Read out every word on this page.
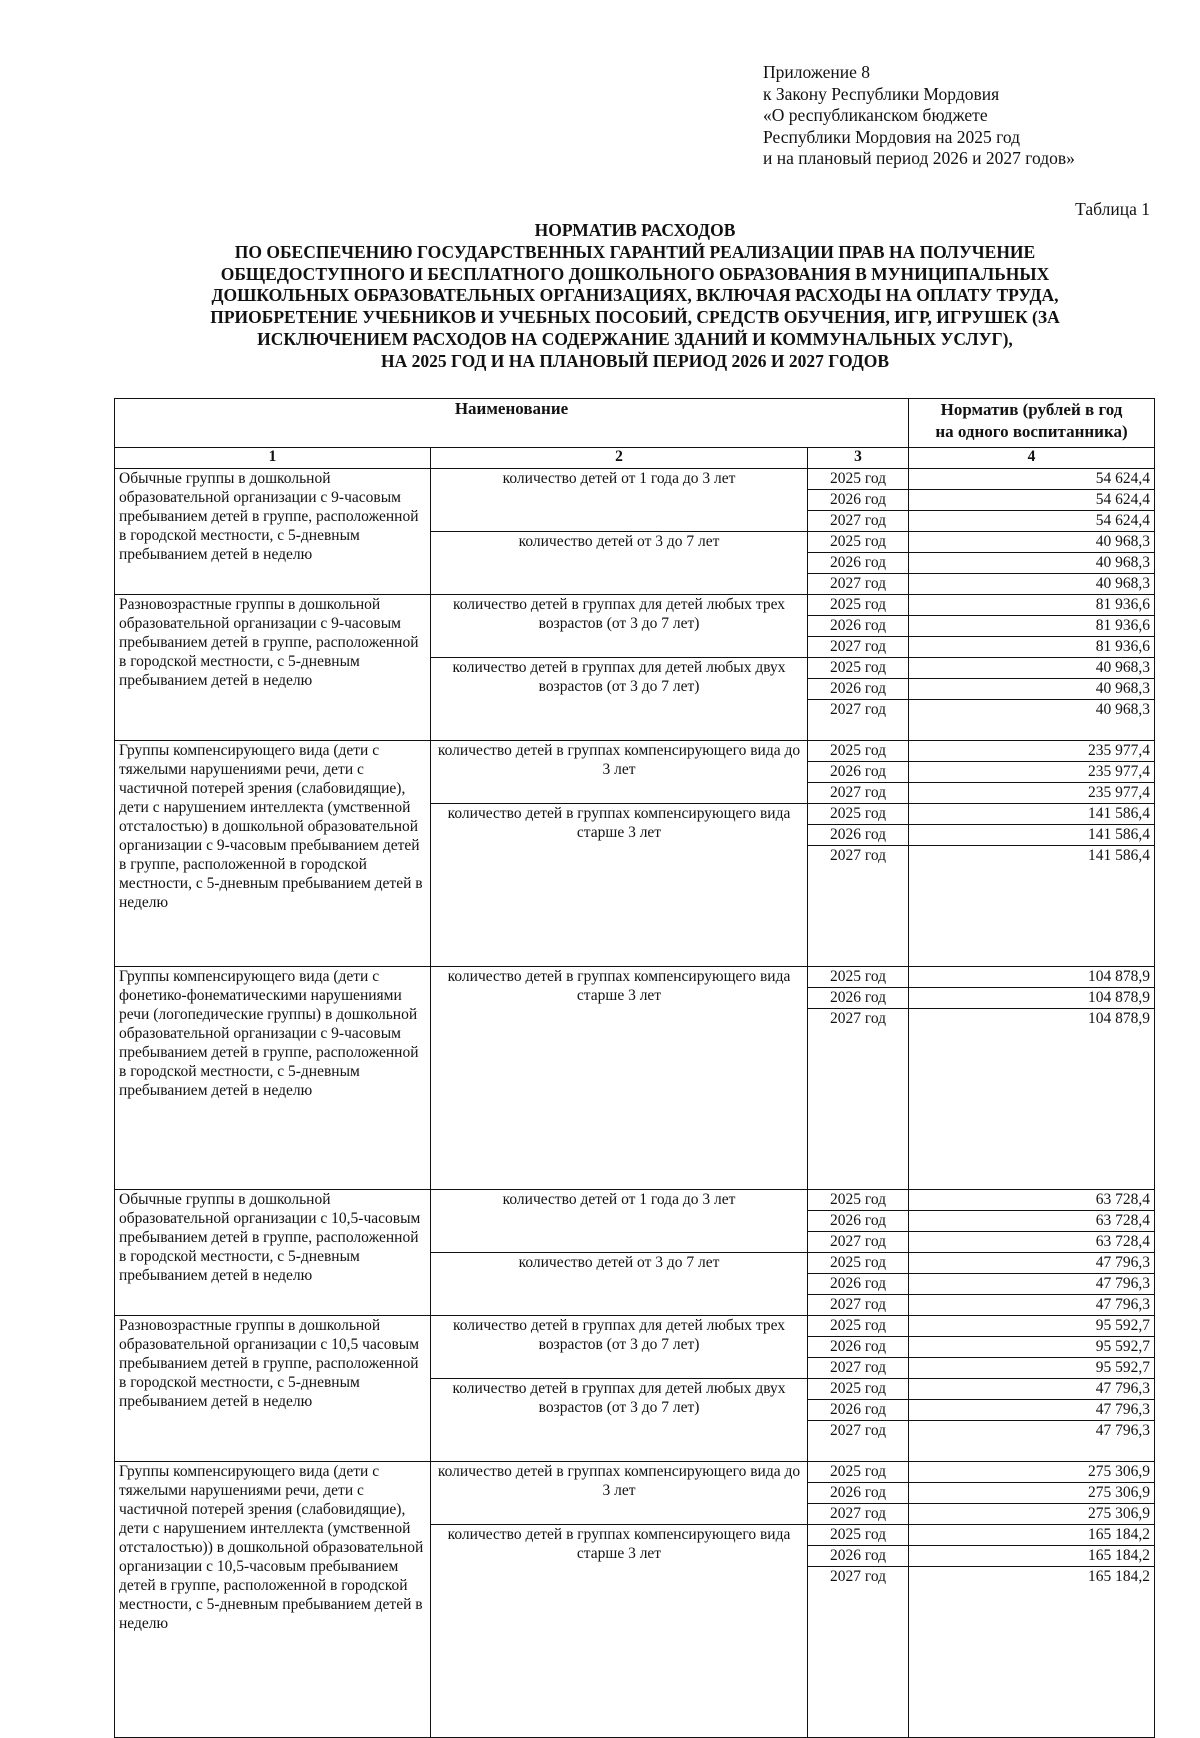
Приложение 8
к Закону Республики Мордовия
«О республиканском бюджете
Республики Мордовия на 2025 год
и на плановый период 2026 и 2027 годов»
Таблица 1
НОРМАТИВ РАСХОДОВ
ПО ОБЕСПЕЧЕНИЮ ГОСУДАРСТВЕННЫХ ГАРАНТИЙ РЕАЛИЗАЦИИ ПРАВ НА ПОЛУЧЕНИЕ
ОБЩЕДОСТУПНОГО И БЕСПЛАТНОГО ДОШКОЛЬНОГО ОБРАЗОВАНИЯ В МУНИЦИПАЛЬНЫХ
ДОШКОЛЬНЫХ ОБРАЗОВАТЕЛЬНЫХ ОРГАНИЗАЦИЯХ, ВКЛЮЧАЯ РАСХОДЫ НА ОПЛАТУ ТРУДА,
ПРИОБРЕТЕНИЕ УЧЕБНИКОВ И УЧЕБНЫХ ПОСОБИЙ, СРЕДСТВ ОБУЧЕНИЯ, ИГР, ИГРУШЕК (ЗА
ИСКЛЮЧЕНИЕМ РАСХОДОВ НА СОДЕРЖАНИЕ ЗДАНИЙ И КОММУНАЛЬНЫХ УСЛУГ),
НА 2025 ГОД И НА ПЛАНОВЫЙ ПЕРИОД 2026 И 2027 ГОДОВ
Наименование			Норматив (рублей в год
на одного воспитанника)

1	2	3	4
Обычные группы в дошкольной образовательной организации с 9-часовым пребыванием детей в группе, расположенной в городской местности, с 5-дневным пребыванием детей в неделю	количество детей от 1 года до 3 лет	2025 год	54 624,4
		2026 год	54 624,4
		2027 год	54 624,4
	количество детей от 3 до 7 лет	2025 год	40 968,3
		2026 год	40 968,3
		2027 год	40 968,3
Разновозрастные группы в дошкольной образовательной организации с 9-часовым пребыванием детей в группе, расположенной в городской местности, с 5-дневным пребыванием детей в неделю	количество детей в группах для детей любых трех возрастов (от 3 до 7 лет)	2025 год	81 936,6
		2026 год	81 936,6
		2027 год	81 936,6
	количество детей в группах для детей любых двух возрастов (от 3 до 7 лет)	2025 год	40 968,3
		2026 год	40 968,3
		2027 год	40 968,3
Группы компенсирующего вида (дети с тяжелыми нарушениями речи, дети с частичной потерей зрения (слабовидящие), дети с нарушением интеллекта (умственной отсталостью) в дошкольной образовательной организации с 9-часовым пребыванием детей в группе, расположенной в городской местности, с 5-дневным пребыванием детей в неделю	количество детей в группах компенсирующего вида до 3 лет	2025 год	235 977,4
		2026 год	235 977,4
		2027 год	235 977,4
	количество детей в группах компенсирующего вида старше 3 лет	2025 год	141 586,4
		2026 год	141 586,4
		2027 год	141 586,4
Группы компенсирующего вида (дети с фонетико-фонематическими нарушениями речи (логопедические группы) в дошкольной образовательной организации с 9-часовым пребыванием детей в группе, расположенной в городской местности, с 5-дневным пребыванием детей в неделю	количество детей в группах компенсирующего вида старше 3 лет	2025 год	104 878,9
		2026 год	104 878,9
		2027 год	104 878,9
Обычные группы в дошкольной образовательной организации с 10,5-часовым пребыванием детей в группе, расположенной в городской местности, с 5-дневным пребыванием детей в неделю	количество детей от 1 года до 3 лет	2025 год	63 728,4
		2026 год	63 728,4
		2027 год	63 728,4
	количество детей от 3 до 7 лет	2025 год	47 796,3
		2026 год	47 796,3
		2027 год	47 796,3
Разновозрастные группы в дошкольной образовательной организации с 10,5 часовым пребыванием детей в группе, расположенной в городской местности, с 5-дневным пребыванием детей в неделю	количество детей в группах для детей любых трех возрастов (от 3 до 7 лет)	2025 год	95 592,7
		2026 год	95 592,7
		2027 год	95 592,7
	количество детей в группах для детей любых двух возрастов (от 3 до 7 лет)	2025 год	47 796,3
		2026 год	47 796,3
		2027 год	47 796,3
Группы компенсирующего вида (дети с тяжелыми нарушениями речи, дети с частичной потерей зрения (слабовидящие), дети с нарушением интеллекта (умственной отсталостью)) в дошкольной образовательной организации с 10,5-часовым пребыванием детей в группе, расположенной в городской местности, с 5-дневным пребыванием детей в неделю	количество детей в группах компенсирующего вида до 3 лет	2025 год	275 306,9
		2026 год	275 306,9
		2027 год	275 306,9
	количество детей в группах компенсирующего вида старше 3 лет	2025 год	165 184,2
		2026 год	165 184,2
		2027 год	165 184,2
